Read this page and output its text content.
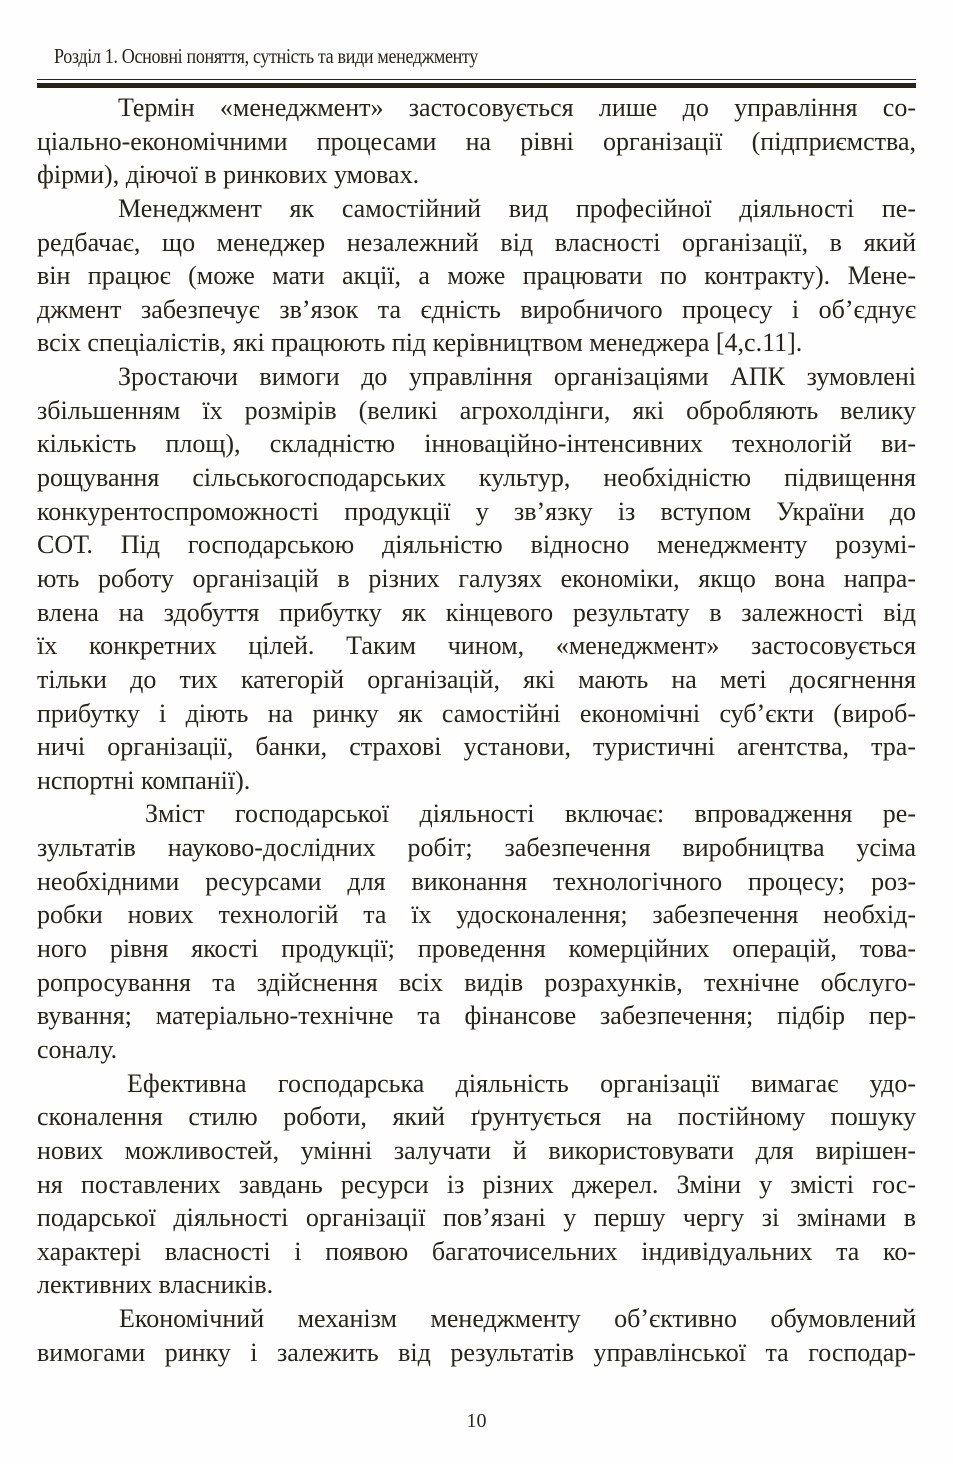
Розділ 1. Основні поняття, сутність та види менеджменту
Термін «менеджмент» застосовується лише до управління со-
ціально-економічними процесами на рівні організації (підприємства,
фірми), діючої в ринкових умовах.
Менеджмент як самостійний вид професійної діяльності пе-
редбачає, що менеджер незалежний від власності організації, в який
він працює (може мати акції, а може працювати по контракту). Мене-
джмент забезпечує зв’язок та єдність виробничого процесу і об’єднує
всіх спеціалістів, які працюють під керівництвом менеджера [4,с.11].
Зростаючи вимоги до управління організаціями АПК зумовлені
збільшенням їх розмірів (великі агрохолдінги, які обробляють велику
кількість площ), складністю інноваційно-інтенсивних технологій ви-
рощування сільськогосподарських культур, необхідністю підвищення
конкурентоспроможності продукції у зв’язку із вступом України до
СОТ. Під господарською діяльністю відносно менеджменту розумі-
ють роботу організацій в різних галузях економіки, якщо вона напра-
влена на здобуття прибутку як кінцевого результату в залежності від
їх конкретних цілей. Таким чином, «менеджмент» застосовується
тільки до тих категорій організацій, які мають на меті досягнення
прибутку і діють на ринку як самостійні економічні суб’єкти (вироб-
ничі організації, банки, страхові установи, туристичні агентства, тра-
нспортні компанії).
Зміст господарської діяльності включає: впровадження ре-
зультатів науково-дослідних робіт; забезпечення виробництва усіма
необхідними ресурсами для виконання технологічного процесу; роз-
робки нових технологій та їх удосконалення; забезпечення необхід-
ного рівня якості продукції; проведення комерційних операцій, това-
ропросування та здійснення всіх видів розрахунків, технічне обслуго-
вування; матеріально-технічне та фінансове забезпечення; підбір пер-
соналу.
Ефективна господарська діяльність організації вимагає удо-
сконалення стилю роботи, який ґрунтується на постійному пошуку
нових можливостей, умінні залучати й використовувати для вирішен-
ня поставлених завдань ресурси із різних джерел. Зміни у змісті гос-
подарської діяльності організації пов’язані у першу чергу зі змінами в
характері власності і появою багаточисельних індивідуальних та ко-
лективних власників.
Економічний механізм менеджменту об’єктивно обумовлений
вимогами ринку і залежить від результатів управлінської та господар-
10
